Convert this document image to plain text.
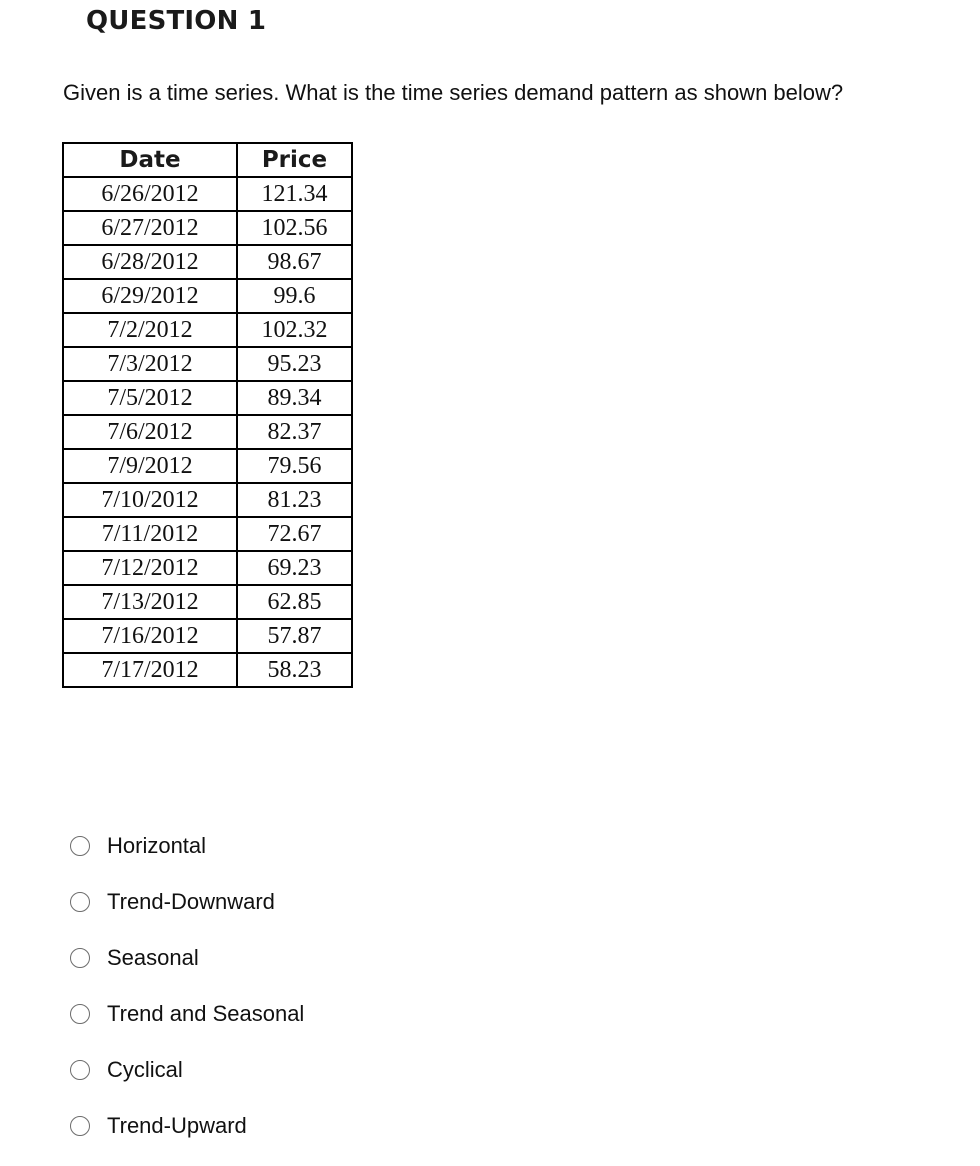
QUESTION 1
Given is a time series. What is the time series demand pattern as shown below?
Date	Price
6/26/2012	121.34
6/27/2012	102.56
6/28/2012	98.67
6/29/2012	99.6
7/2/2012	102.32
7/3/2012	95.23
7/5/2012	89.34
7/6/2012	82.37
7/9/2012	79.56
7/10/2012	81.23
7/11/2012	72.67
7/12/2012	69.23
7/13/2012	62.85
7/16/2012	57.87
7/17/2012	58.23
Horizontal
Trend-Downward
Seasonal
Trend and Seasonal
Cyclical
Trend-Upward
